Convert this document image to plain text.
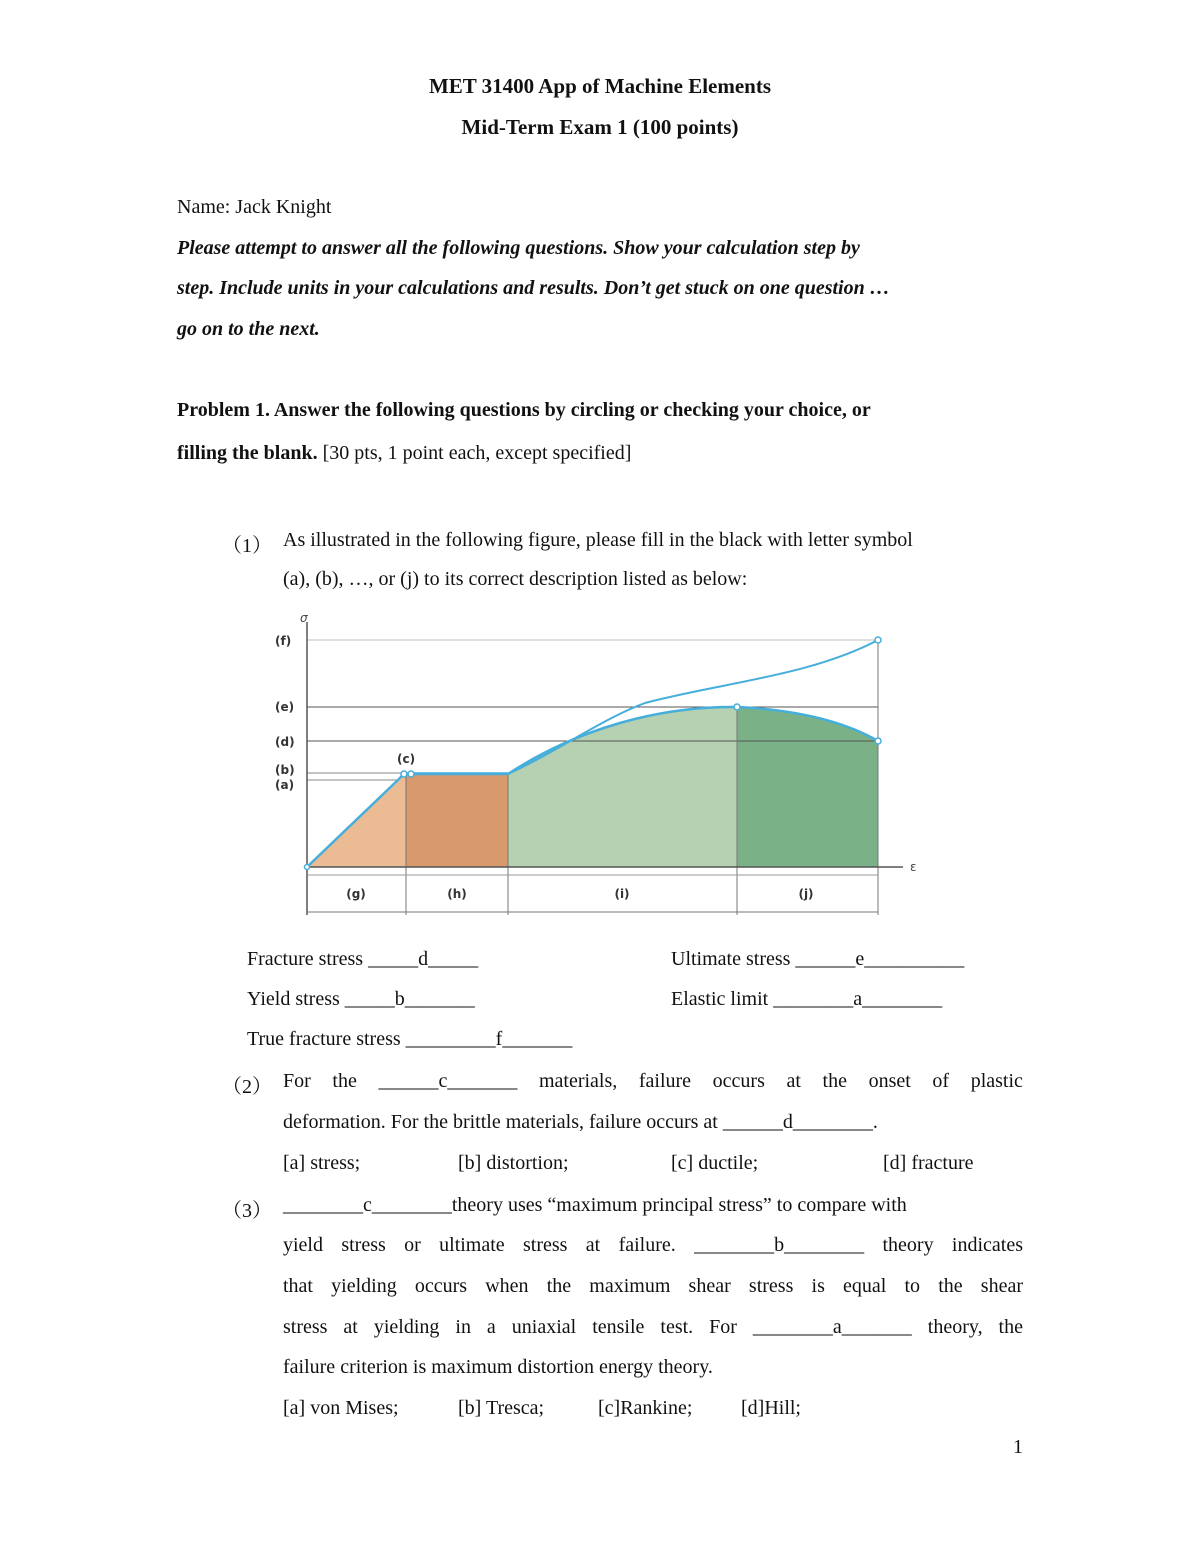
MET 31400 App of Machine Elements
Mid-Term Exam 1 (100 points)
Name: Jack Knight
Please attempt to answer all the following questions. Show your calculation step by
step. Include units in your calculations and results. Don’t get stuck on one question …
go on to the next.
Problem 1. Answer the following questions by circling or checking your choice, or
filling the blank. [30 pts, 1 point each, except specified]
（1） As illustrated in the following figure, please fill in the black with letter symbol
(a), (b), …, or (j) to its correct description listed as below:
σ
ε
(f)
(e)
(d)
(b)
(a)
(c)
(g)	(h)	(i)	(j)
Fracture stress _____d_____	Ultimate stress ______e__________
Yield stress _____b_______	Elastic limit ________a________
True fracture stress _________f_______
（2） For the ______c_______ materials, failure occurs at the onset of plastic
deformation. For the brittle materials, failure occurs at ______d________.
[a] stress;	[b] distortion;	[c] ductile;	[d] fracture
（3） ________c________theory uses “maximum principal stress” to compare with
yield stress or ultimate stress at failure. ________b________ theory indicates
that yielding occurs when the maximum shear stress is equal to the shear
stress at yielding in a uniaxial tensile test. For ________a_______ theory, the
failure criterion is maximum distortion energy theory.
[a] von Mises;	[b] Tresca;	[c]Rankine; [d]Hill;
1
